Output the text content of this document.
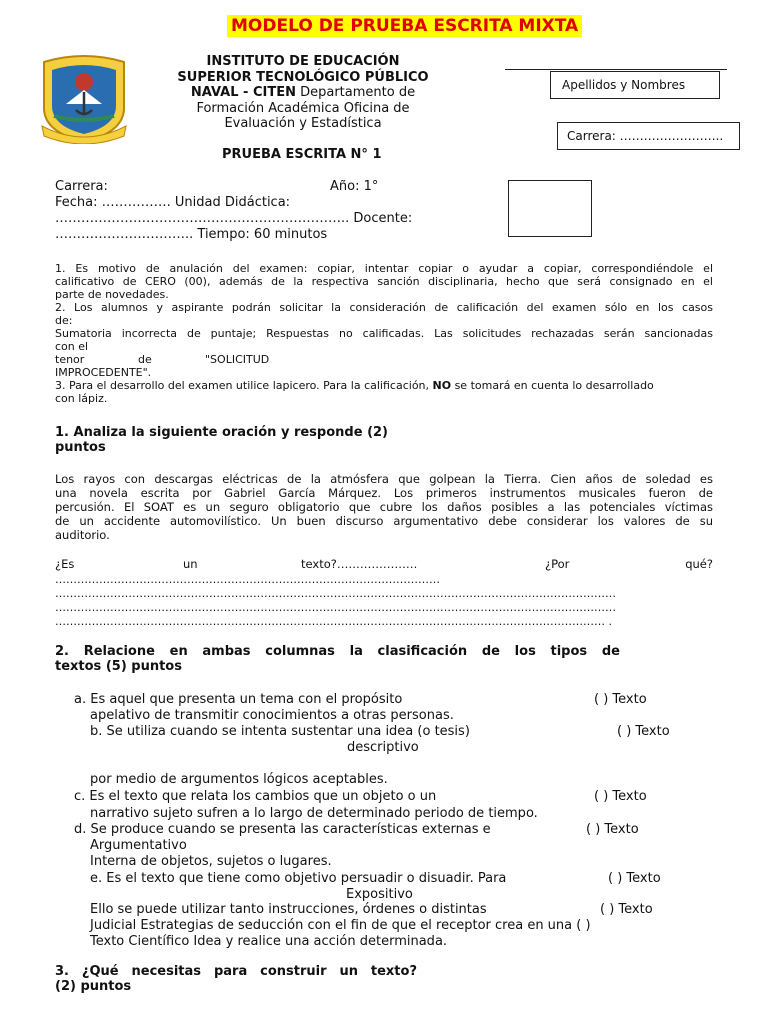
MODELO DE PRUEBA ESCRITA MIXTA
INSTITUTO DE EDUCACIÓN
SUPERIOR TECNOLÓGICO PÚBLICO
NAVAL - CITEN Departamento de
Formación Académica Oficina de
Evaluación y Estadística
Apellidos y Nombres
Carrera: ……………………..
PRUEBA ESCRITA N° 1
Carrera:	Año: 1°
Fecha: ……………. Unidad Didáctica:
………………………………………………………….. Docente:
………………………….. Tiempo: 60 minutos
1. Es motivo de anulación del examen: copiar, intentar copiar o ayudar a copiar, correspondiéndole el
calificativo de CERO (00), además de la respectiva sanción disciplinaria, hecho que será consignado en el
parte de novedades.
2. Los alumnos y aspirante podrán solicitar la consideración de calificación del examen sólo en los casos
de:
Sumatoria incorrecta de puntaje; Respuestas no calificadas. Las solicitudes rechazadas serán sancionadas
con el
tenor	de	"SOLICITUD
IMPROCEDENTE".
3. Para el desarrollo del examen utilice lapicero. Para la calificación, NO se tomará en cuenta lo desarrollado
con lápiz.
1. Analiza la siguiente oración y responde (2)
puntos
Los rayos con descargas eléctricas de la atmósfera que golpean la Tierra. Cien años de soledad es
una novela escrita por Gabriel García Márquez. Los primeros instrumentos musicales fueron de
percusión. El SOAT es un seguro obligatorio que cubre los daños posibles a las potenciales víctimas
de un accidente automovilístico. Un buen discurso argumentativo debe considerar los valores de su
auditorio.
¿Es	un	texto?…………………	¿Por	qué?
……………………………………………………………………………………………
………………………………………………………………………………………………………………………………………
………………………………………………………………………………………………………………………………………
…………………………………………………………………………………………………………………………………… .
2. Relacione en ambas columnas la clasificación de los tipos de
textos (5) puntos
a. Es aquel que presenta un tema con el propósito	( ) Texto
apelativo de transmitir conocimientos a otras personas.
b. Se utiliza cuando se intenta sustentar una idea (o tesis)	( ) Texto
descriptivo
por medio de argumentos lógicos aceptables.
c. Es el texto que relata los cambios que un objeto o un	( ) Texto
narrativo sujeto sufren a lo largo de determinado periodo de tiempo.
d. Se produce cuando se presenta las características externas e	( ) Texto
Argumentativo
Interna de objetos, sujetos o lugares.
e. Es el texto que tiene como objetivo persuadir o disuadir. Para	( ) Texto
Expositivo
Ello se puede utilizar tanto instrucciones, órdenes o distintas	( ) Texto
Judicial Estrategias de seducción con el fin de que el receptor crea en una ( )
Texto Científico Idea y realice una acción determinada.
3. ¿Qué necesitas para construir un texto?
(2) puntos
